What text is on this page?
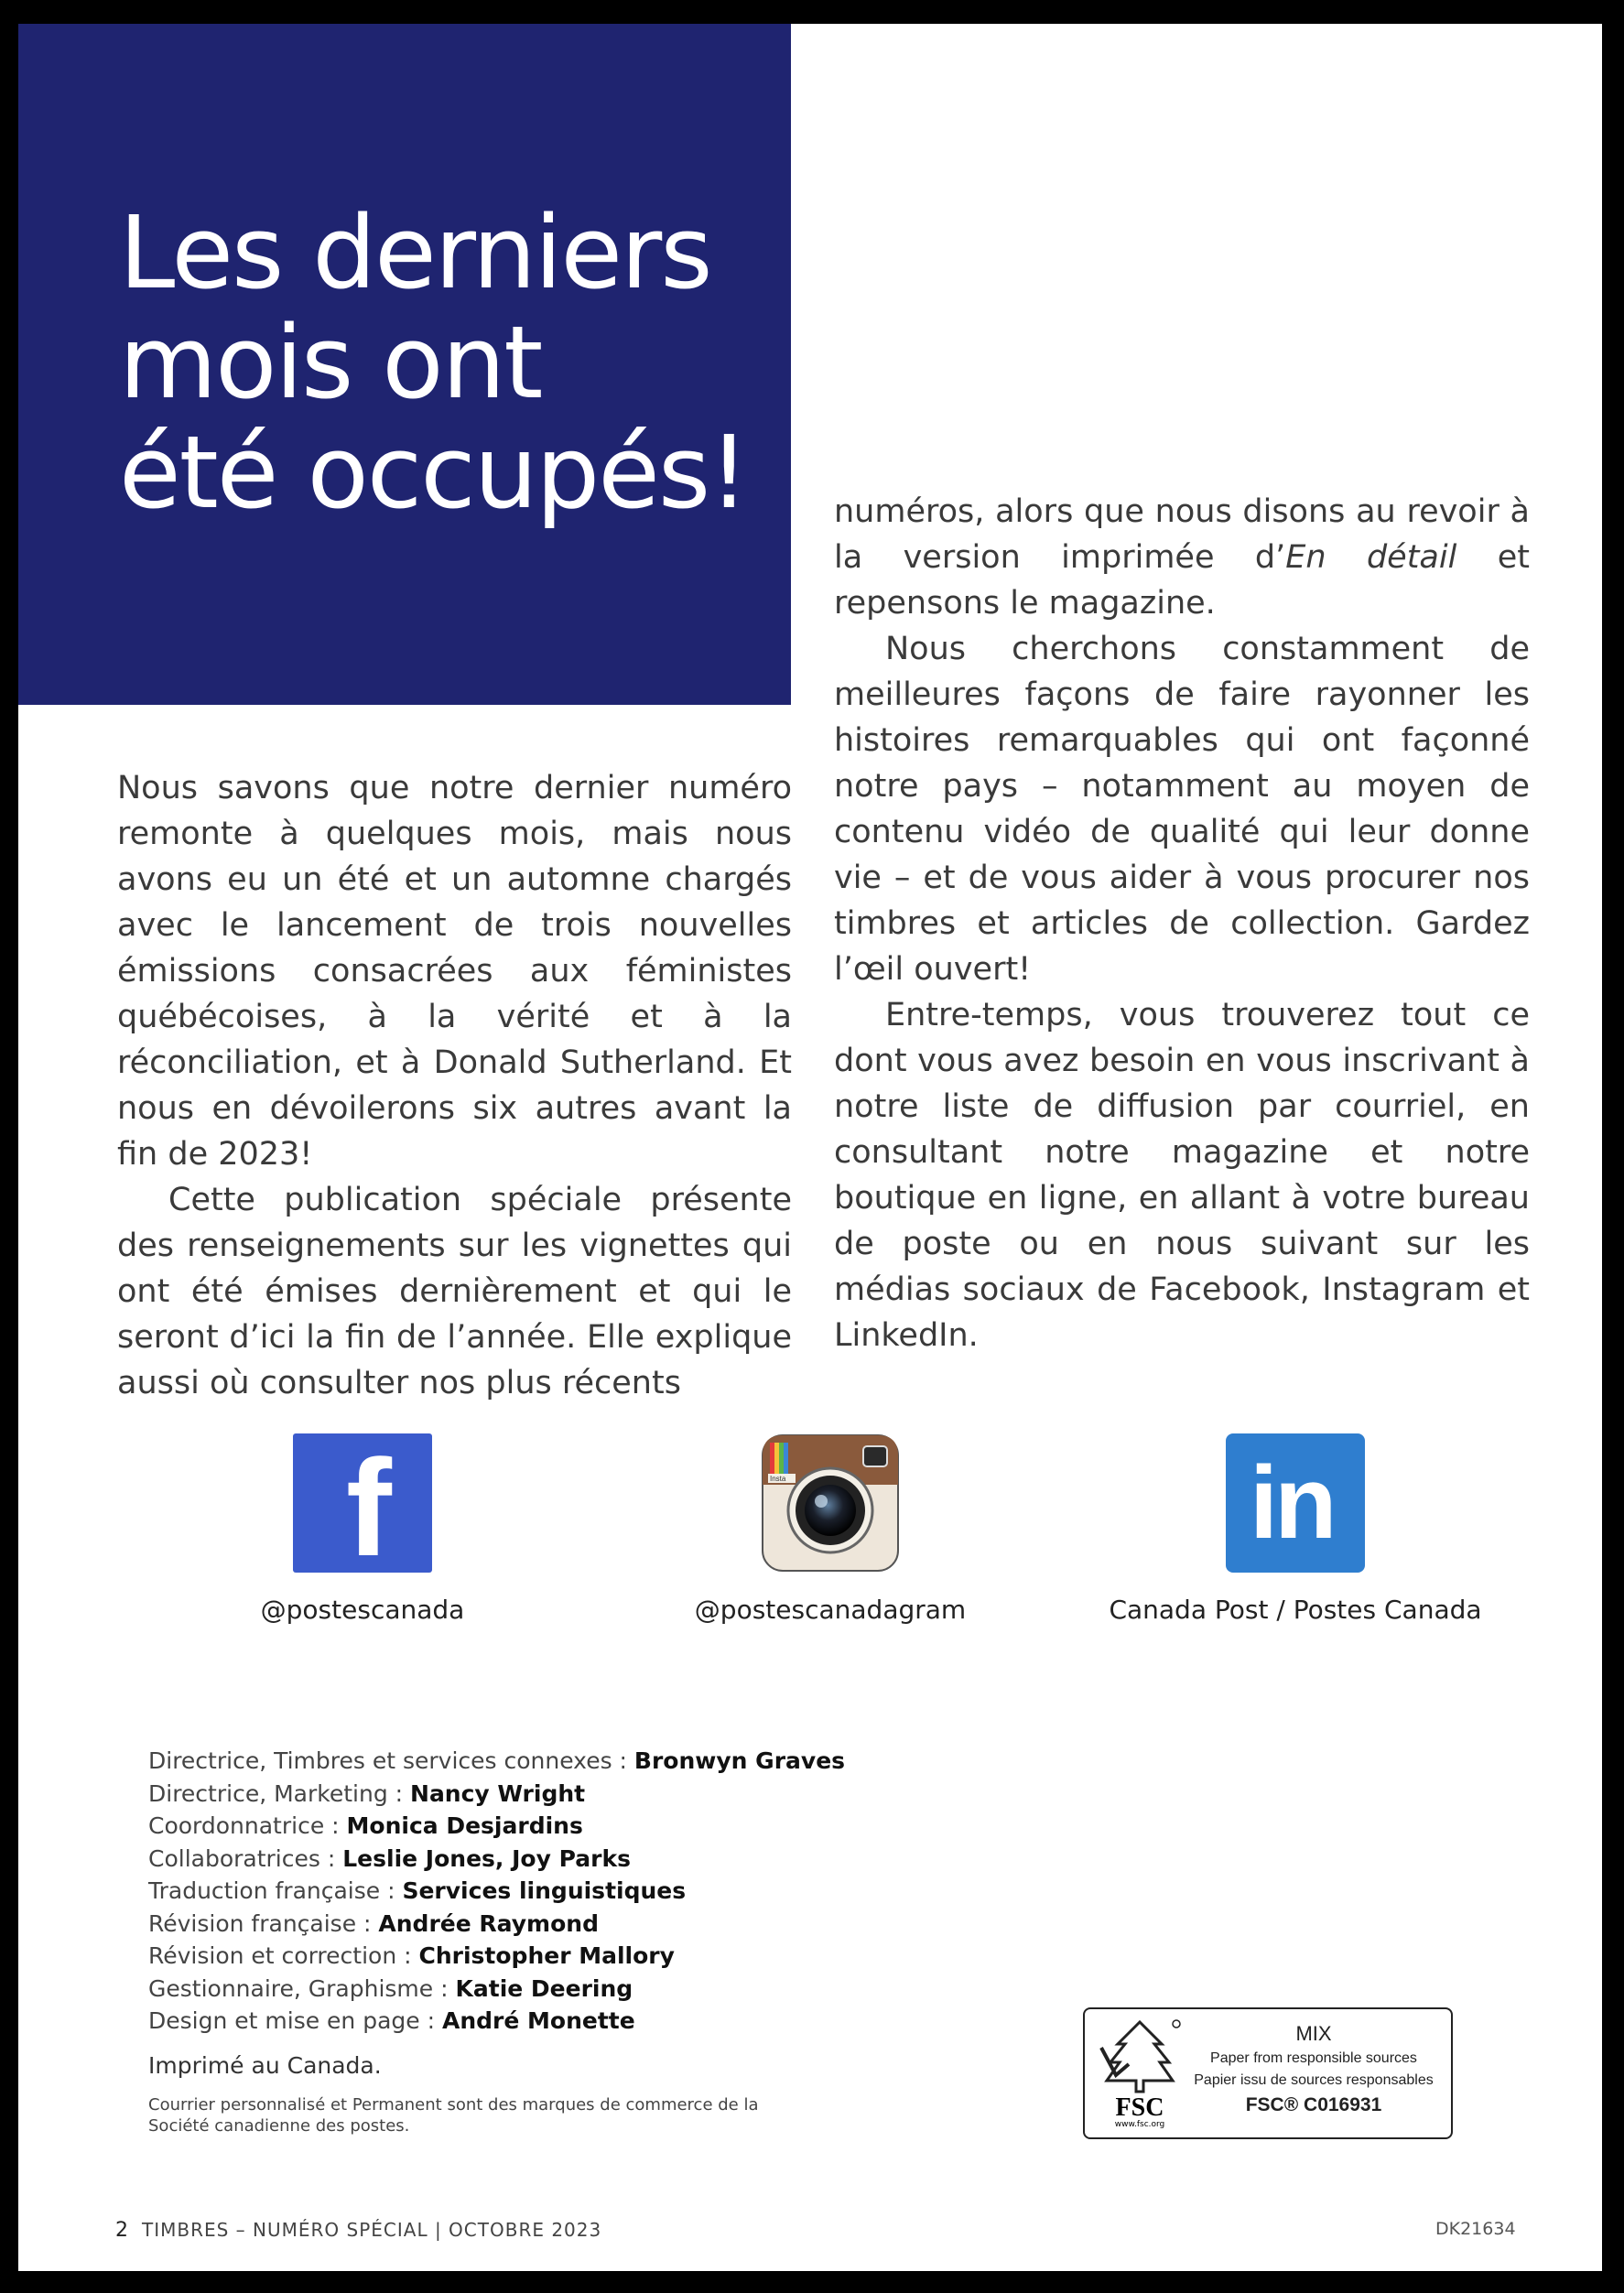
Les derniers
mois ont
été occupés!

Nous savons que notre dernier numéro remonte à quelques mois, mais nous avons eu un été et un automne chargés avec le lancement de trois nouvelles émissions consacrées aux féministes québécoises, à la vérité et à la réconciliation, et à Donald Sutherland. Et nous en dévoilerons six autres avant la fin de 2023!

Cette publication spéciale présente des renseignements sur les vignettes qui ont été émises dernièrement et qui le seront d’ici la fin de l’année. Elle explique aussi où consulter nos plus récents

numéros, alors que nous disons au revoir à la version imprimée d’En détail et repensons le magazine.

Nous cherchons constamment de meilleures façons de faire rayonner les histoires remarquables qui ont façonné notre pays – notamment au moyen de contenu vidéo de qualité qui leur donne vie – et de vous aider à vous procurer nos timbres et articles de collection. Gardez l’œil ouvert!

Entre-temps, vous trouverez tout ce dont vous avez besoin en vous inscrivant à notre liste de diffusion par courriel, en consultant notre magazine et notre boutique en ligne, en allant à votre bureau de poste ou en nous suivant sur les médias sociaux de Facebook, Instagram et LinkedIn.

f
@postescanada
Insta
@postescanadagram
in
Canada Post / Postes Canada
Directrice, Timbres et services connexes : Bronwyn Graves
Directrice, Marketing : Nancy Wright
Coordonnatrice : Monica Desjardins
Collaboratrices : Leslie Jones, Joy Parks
Traduction française : Services linguistiques
Révision française : Andrée Raymond
Révision et correction : Christopher Mallory
Gestionnaire, Graphisme : Katie Deering
Design et mise en page : André Monette
Imprimé au Canada.
Courrier personnalisé et Permanent sont des marques de commerce de la Société canadienne des postes.
FSC
www.fsc.org
MIX
Paper from responsible sources
Papier issu de sources responsables
FSC® C016931
2 TIMBRES – NUMÉRO SPÉCIAL | OCTOBRE 2023	DK21634
